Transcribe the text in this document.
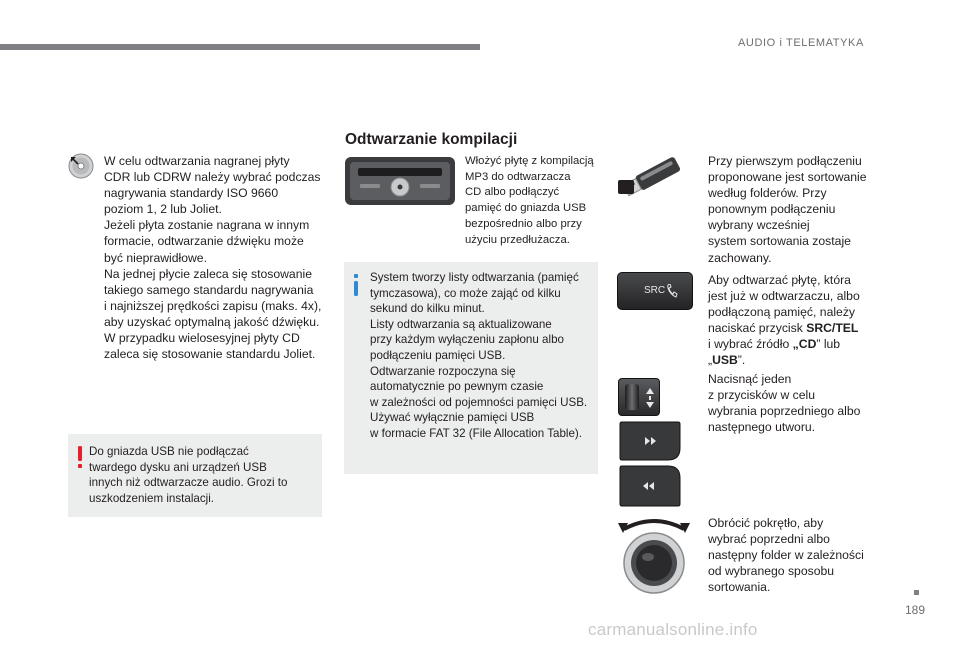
AUDIO i TELEMATYKA
W celu odtwarzania nagranej płyty
CDR lub CDRW należy wybrać podczas
nagrywania standardy ISO 9660
poziom 1, 2 lub Joliet.
Jeżeli płyta zostanie nagrana w innym
formacie, odtwarzanie dźwięku może
być nieprawidłowe.
Na jednej płycie zaleca się stosowanie
takiego samego standardu nagrywania
i najniższej prędkości zapisu (maks. 4x),
aby uzyskać optymalną jakość dźwięku.
W przypadku wielosesyjnej płyty CD
zaleca się stosowanie standardu Joliet.
Do gniazda USB nie podłączać
twardego dysku ani urządzeń USB
innych niż odtwarzacze audio. Grozi to
uszkodzeniem instalacji.
Odtwarzanie kompilacji
Włożyć płytę z kompilacją
MP3 do odtwarzacza
CD albo podłączyć
pamięć do gniazda USB
bezpośrednio albo przy
użyciu przedłużacza.
System tworzy listy odtwarzania (pamięć
tymczasowa), co może zająć od kilku
sekund do kilku minut.
Listy odtwarzania są aktualizowane
przy każdym wyłączeniu zapłonu albo
podłączeniu pamięci USB.
Odtwarzanie rozpoczyna się
automatycznie po pewnym czasie
w zależności od pojemności pamięci USB.
Używać wyłącznie pamięci USB
w formacie FAT 32 (File Allocation Table).
Przy pierwszym podłączeniu
proponowane jest sortowanie
według folderów. Przy
ponownym podłączeniu
wybrany wcześniej
system sortowania zostaje
zachowany.
SRC
Aby odtwarzać płytę, która
jest już w odtwarzaczu, albo
podłączoną pamięć, należy
naciskać przycisk SRC/TEL
i wybrać źródło „CD” lub
„USB”.
Nacisnąć jeden
z przycisków w celu
wybrania poprzedniego albo
następnego utworu.
Obrócić pokrętło, aby
wybrać poprzedni albo
następny folder w zależności
od wybranego sposobu
sortowania.
189
carmanualsonline.info
